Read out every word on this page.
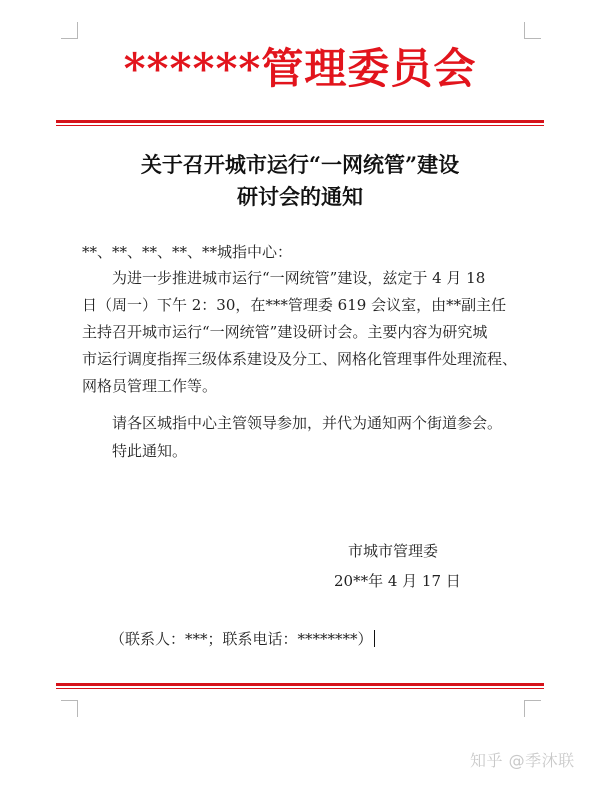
******管理委员会
关于召开城市运行“一网统管”建设
研讨会的通知
**、**、**、**、**城指中心：
为进一步推进城市运行“一网统管”建设，兹定于 4 月 18
日（周一）下午 2：30，在***管理委 619 会议室，由**副主任
主持召开城市运行“一网统管”建设研讨会。主要内容为研究城
市运行调度指挥三级体系建设及分工、网格化管理事件处理流程、
网格员管理工作等。
请各区城指中心主管领导参加，并代为通知两个街道参会。
特此通知。
市城市管理委
20**年 4 月 17 日
（联系人：***；联系电话：********）
知乎 @季沐联
